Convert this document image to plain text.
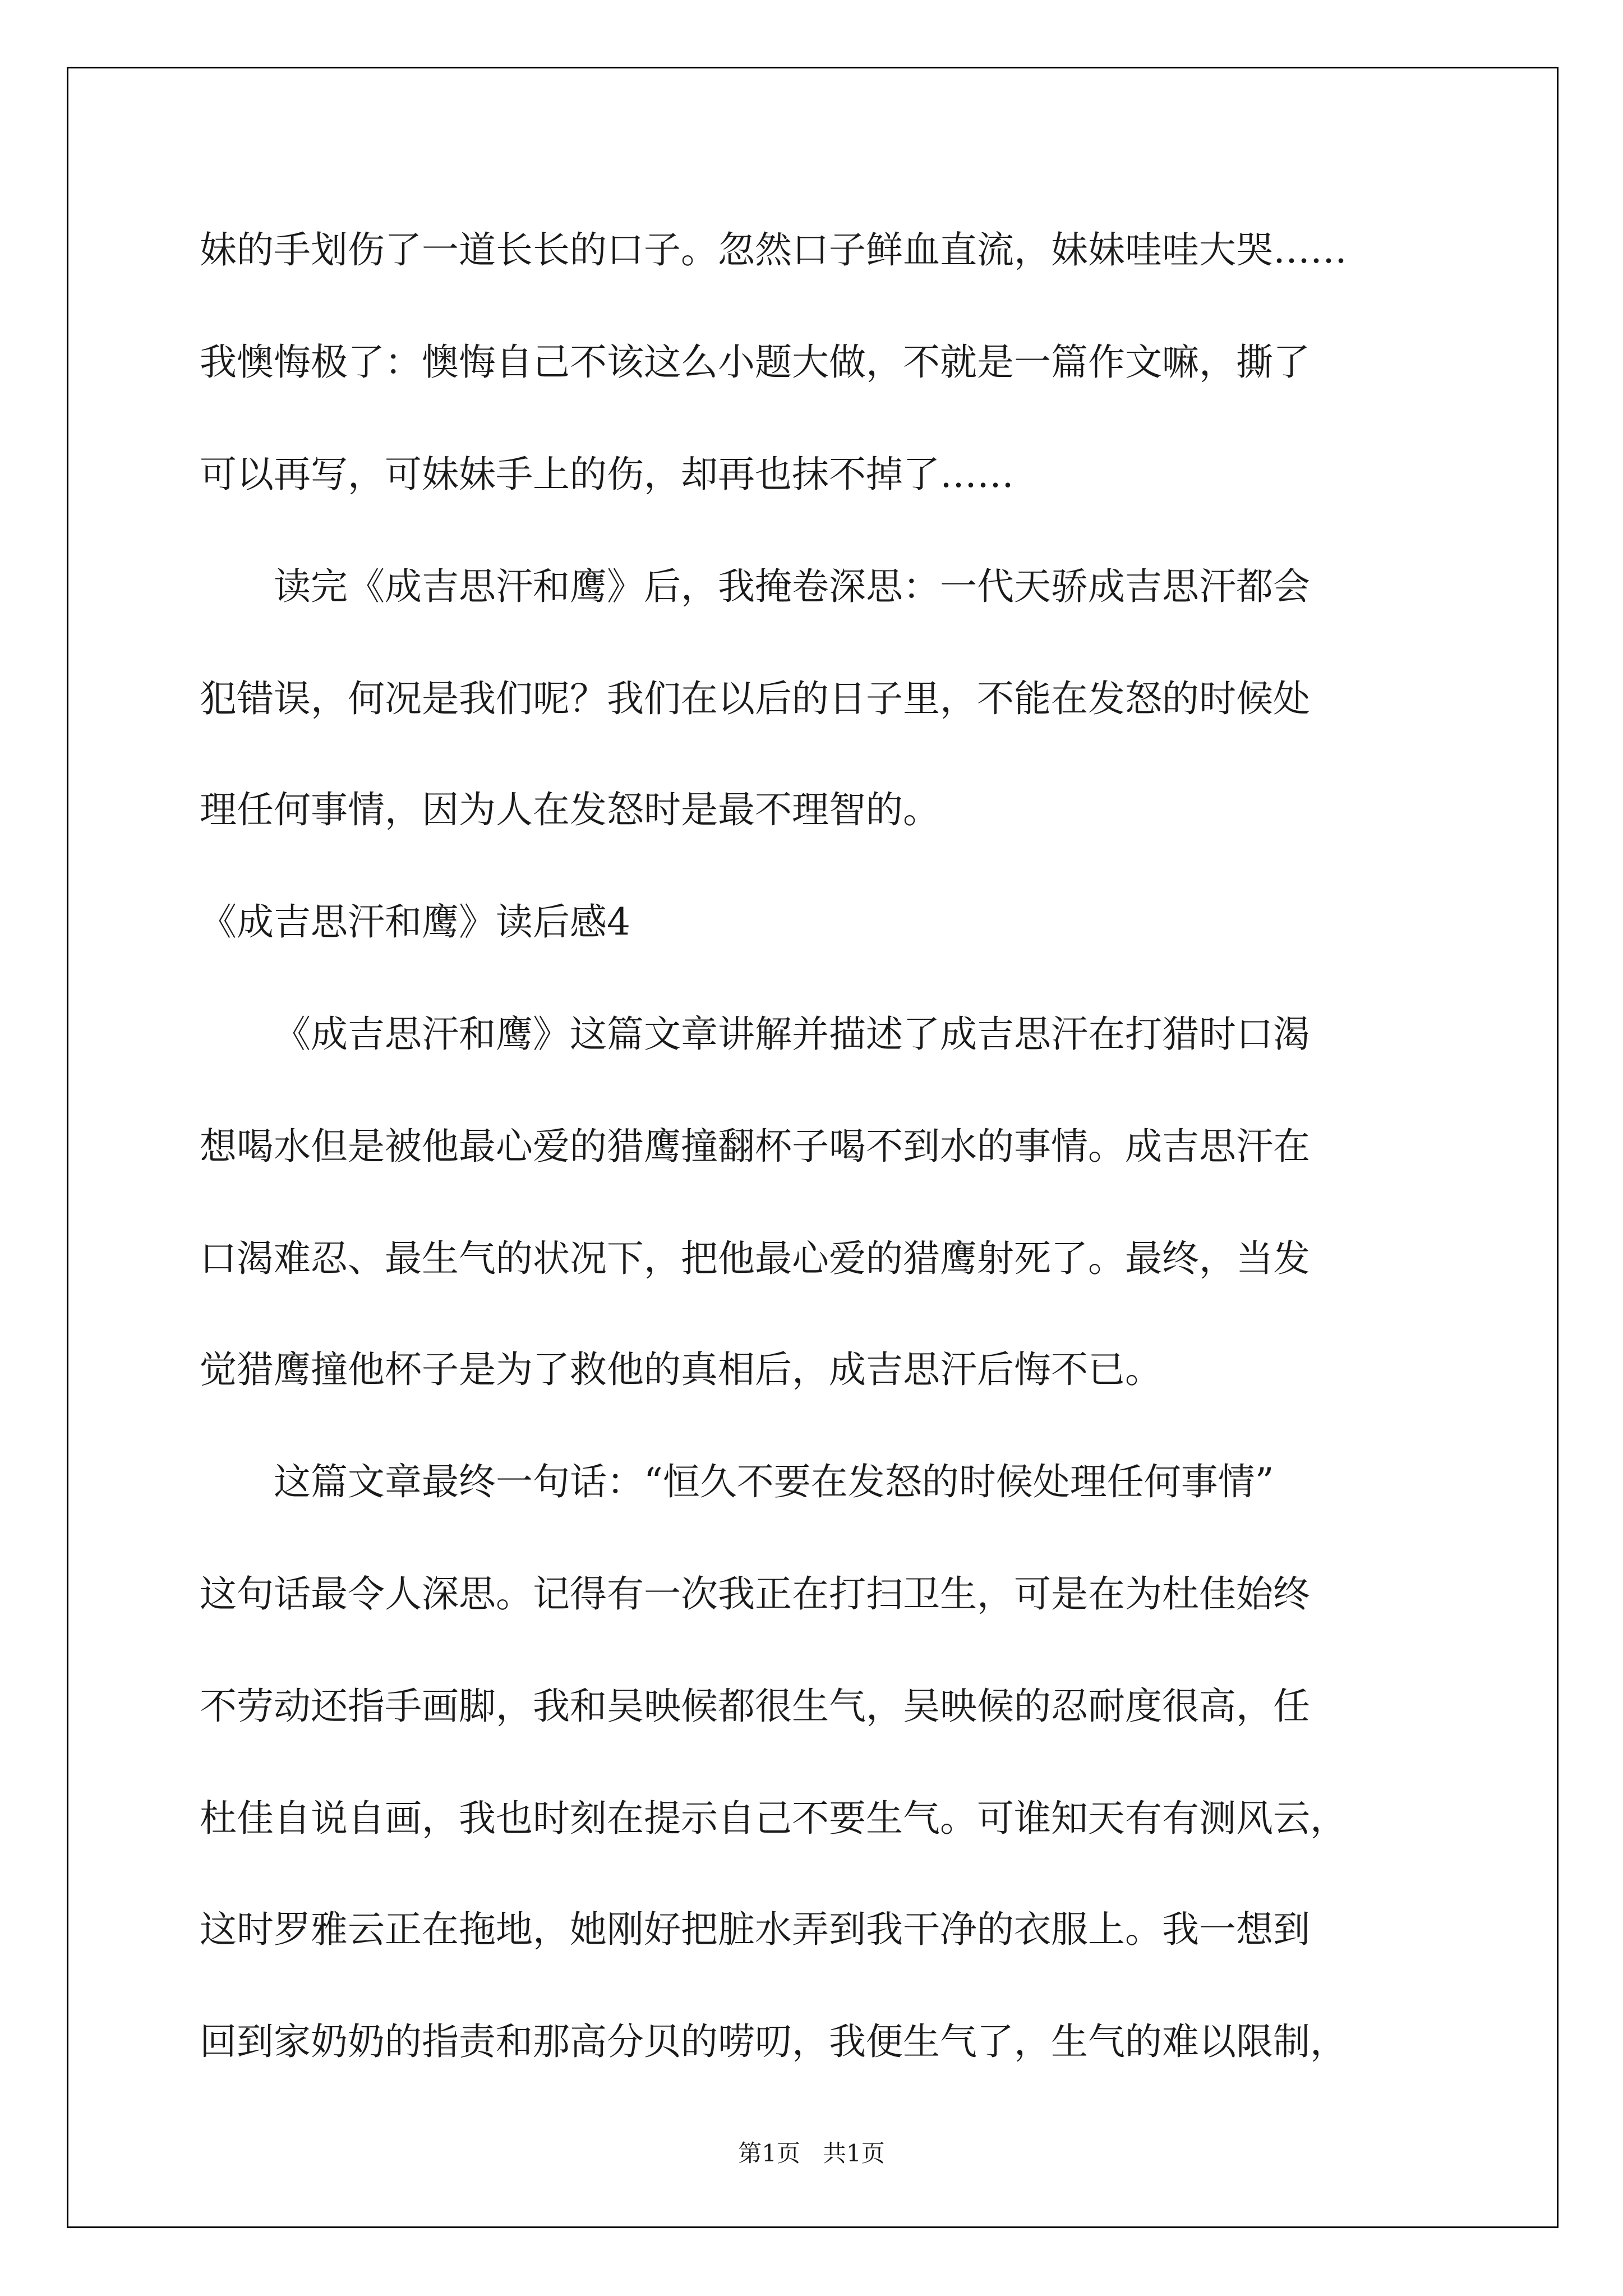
妹的手划伤了一道长长的口子。忽然口子鲜血直流，妹妹哇哇大哭……

我懊悔极了：懊悔自己不该这么小题大做，不就是一篇作文嘛，撕了

可以再写，可妹妹手上的伤，却再也抹不掉了……

读完《成吉思汗和鹰》后，我掩卷深思：一代天骄成吉思汗都会

犯错误，何况是我们呢？我们在以后的日子里，不能在发怒的时候处

理任何事情，因为人在发怒时是最不理智的。

《成吉思汗和鹰》读后感4

《成吉思汗和鹰》这篇文章讲解并描述了成吉思汗在打猎时口渴

想喝水但是被他最心爱的猎鹰撞翻杯子喝不到水的事情。成吉思汗在

口渴难忍、最生气的状况下，把他最心爱的猎鹰射死了。最终，当发

觉猎鹰撞他杯子是为了救他的真相后，成吉思汗后悔不已。

这篇文章最终一句话：“恒久不要在发怒的时候处理任何事情”

这句话最令人深思。记得有一次我正在打扫卫生，可是在为杜佳始终

不劳动还指手画脚，我和吴映候都很生气，吴映候的忍耐度很高，任

杜佳自说自画，我也时刻在提示自己不要生气。可谁知天有有测风云，

这时罗雅云正在拖地，她刚好把脏水弄到我干净的衣服上。我一想到

回到家奶奶的指责和那高分贝的唠叨，我便生气了，生气的难以限制，

第1页   共1页
